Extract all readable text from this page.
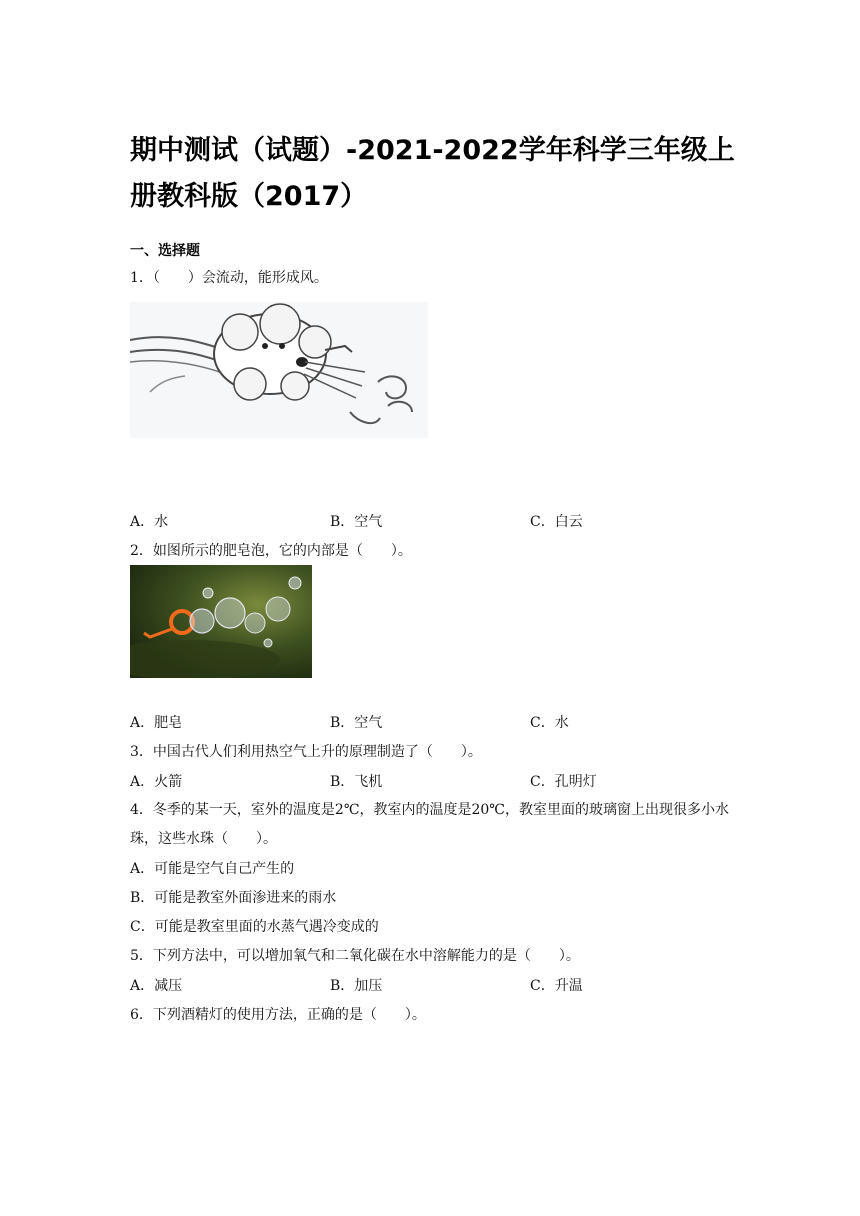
期中测试（试题）-2021-2022学年科学三年级上册教科版（2017）
一、选择题
1．（　　）会流动，能形成风。
A．水	B．空气	C．白云
2．如图所示的肥皂泡，它的内部是（　　）。
A．肥皂	B．空气	C．水
3．中国古代人们利用热空气上升的原理制造了（　　）。
A．火箭	B．飞机	C．孔明灯
4．冬季的某一天，室外的温度是2℃，教室内的温度是20℃，教室里面的玻璃窗上出现很多小水珠，这些水珠（　　）。
A．可能是空气自己产生的
B．可能是教室外面渗进来的雨水
C．可能是教室里面的水蒸气遇冷变成的
5．下列方法中，可以增加氧气和二氧化碳在水中溶解能力的是（　　）。
A．减压	B．加压	C．升温
6．下列酒精灯的使用方法，正确的是（　　）。
